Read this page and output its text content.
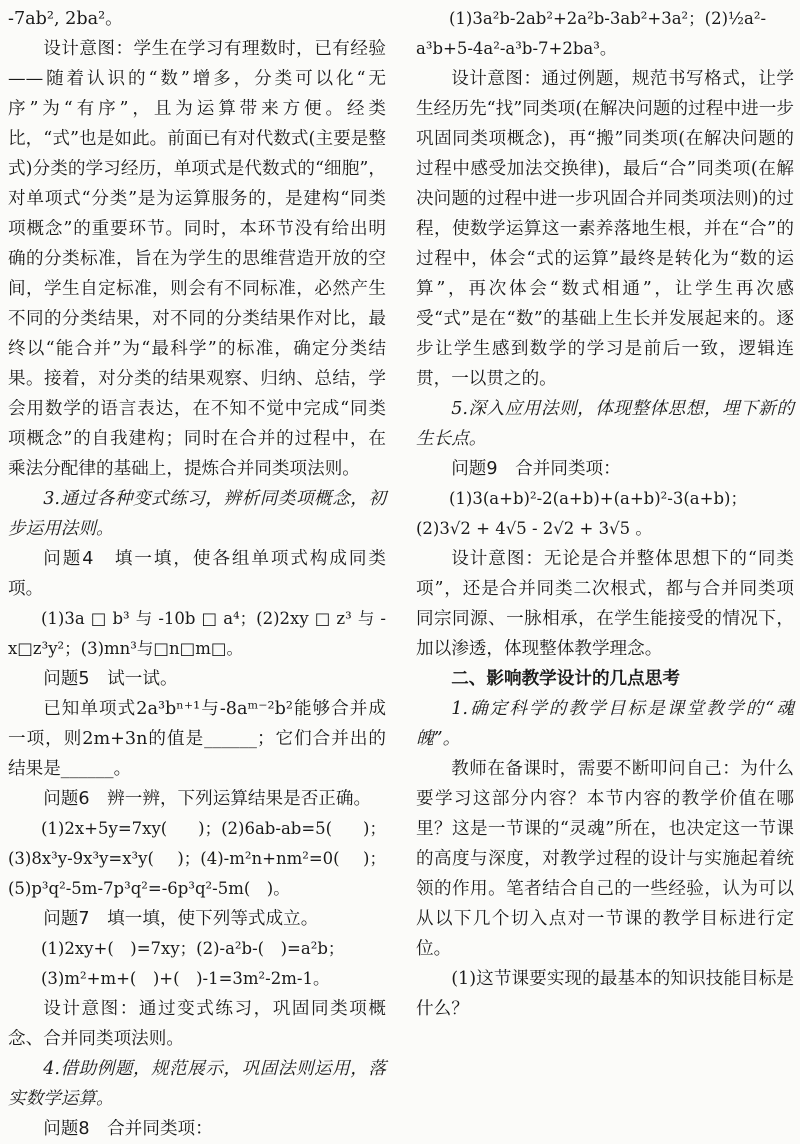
-7ab², 2ba²。

设计意图：学生在学习有理数时，已有经验——随着认识的“数”增多，分类可以化“无序”为“有序”，且为运算带来方便。经类比，“式”也是如此。前面已有对代数式(主要是整式)分类的学习经历，单项式是代数式的“细胞”，对单项式“分类”是为运算服务的，是建构“同类项概念”的重要环节。同时，本环节没有给出明确的分类标准，旨在为学生的思维营造开放的空间，学生自定标准，则会有不同标准，必然产生不同的分类结果，对不同的分类结果作对比，最终以“能合并”为“最科学”的标准，确定分类结果。接着，对分类的结果观察、归纳、总结，学会用数学的语言表达，在不知不觉中完成“同类项概念”的自我建构；同时在合并的过程中，在乘法分配律的基础上，提炼合并同类项法则。

3.通过各种变式练习，辨析同类项概念，初步运用法则。

问题4　填一填，使各组单项式构成同类项。

(1)3a□b³与-10b□a⁴；(2)2xy□z³与-x□z³y²；(3)mn³与□n□m□。

问题5　试一试。

已知单项式2a³bⁿ⁺¹与-8aᵐ⁻²b²能够合并成一项，则2m+3n的值是______；它们合并出的结果是______。

问题6　辨一辨，下列运算结果是否正确。

(1)2x+5y=7xy(　)；(2)6ab-ab=5(　)；(3)8x³y-9x³y=x³y(　)；(4)-m²n+nm²=0(　)；(5)p³q²-5m-7p³q²=-6p³q²-5m(　)。

问题7　填一填，使下列等式成立。

(1)2xy+(　)=7xy；(2)-a²b-(　)=a²b；

(3)m²+m+(　)+(　)-1=3m²-2m-1。

设计意图：通过变式练习，巩固同类项概念、合并同类项法则。

4.借助例题，规范展示，巩固法则运用，落实数学运算。

问题8　合并同类项：

(1)3a²b-2ab²+2a²b-3ab²+3a²；(2)½a²-a³b+5-4a²-a³b-7+2ba³。

设计意图：通过例题，规范书写格式，让学生经历先“找”同类项(在解决问题的过程中进一步巩固同类项概念)，再“搬”同类项(在解决问题的过程中感受加法交换律)，最后“合”同类项(在解决问题的过程中进一步巩固合并同类项法则)的过程，使数学运算这一素养落地生根，并在“合”的过程中，体会“式的运算”最终是转化为“数的运算”，再次体会“数式相通”，让学生再次感受“式”是在“数”的基础上生长并发展起来的。逐步让学生感到数学的学习是前后一致，逻辑连贯，一以贯之的。

5.深入应用法则，体现整体思想，埋下新的生长点。

问题9　合并同类项：

(1)3(a+b)²-2(a+b)+(a+b)²-3(a+b)；(2)3√2 + 4√5 - 2√2 + 3√5 。

设计意图：无论是合并整体思想下的“同类项”，还是合并同类二次根式，都与合并同类项同宗同源、一脉相承，在学生能接受的情况下，加以渗透，体现整体教学理念。

二、影响教学设计的几点思考

1.确定科学的教学目标是课堂教学的“魂魄”。

教师在备课时，需要不断叩问自己：为什么要学习这部分内容？本节内容的教学价值在哪里？这是一节课的“灵魂”所在，也决定这一节课的高度与深度，对教学过程的设计与实施起着统领的作用。笔者结合自己的一些经验，认为可以从以下几个切入点对一节课的教学目标进行定位。

(1)这节课要实现的最基本的知识技能目标是什么？
